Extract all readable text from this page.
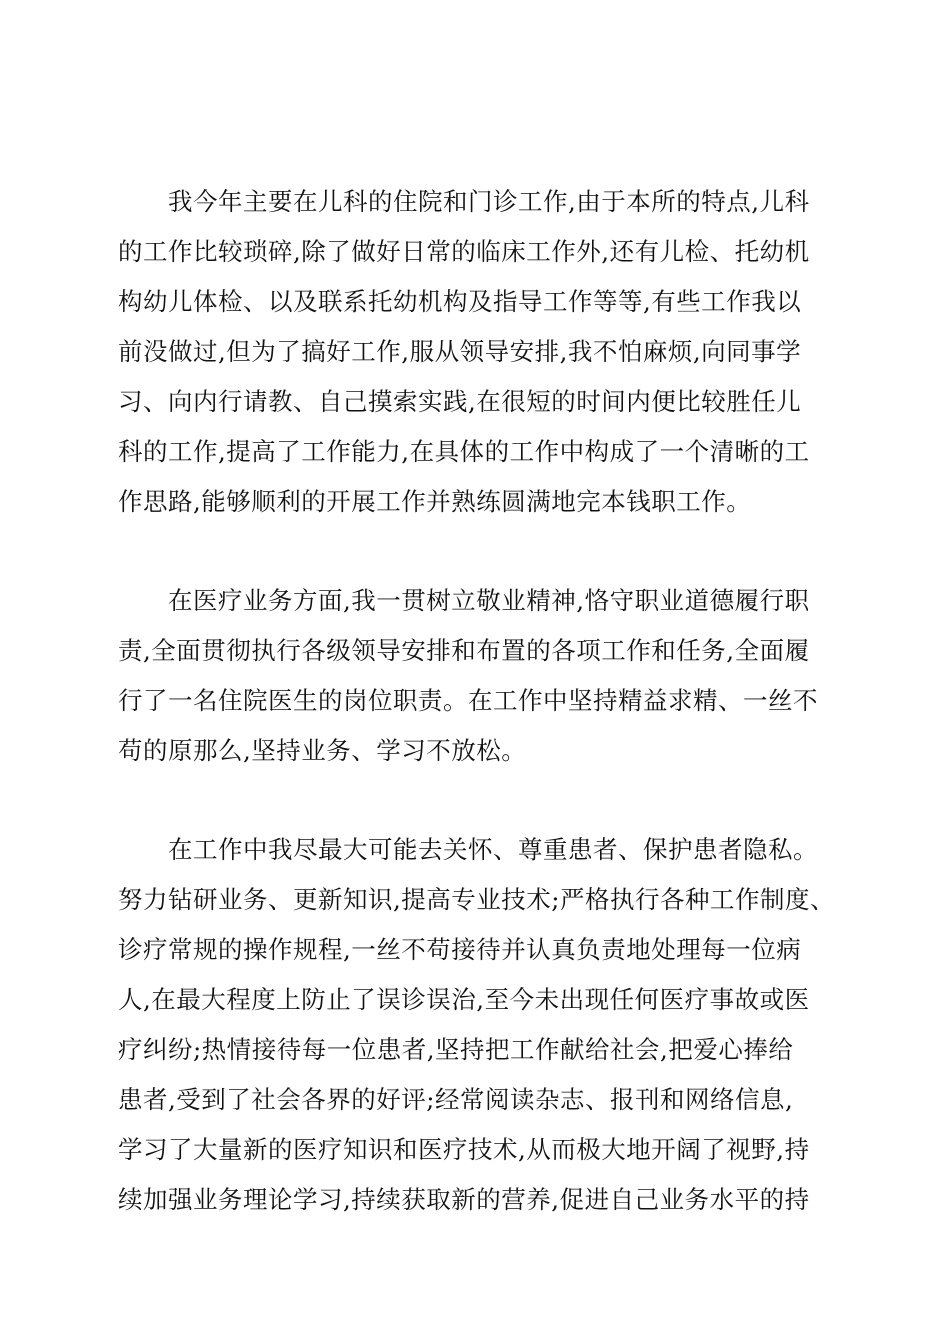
我今年主要在儿科的住院和门诊工作,由于本所的特点,儿科
的工作比较琐碎,除了做好日常的临床工作外,还有儿检、托幼机
构幼儿体检、以及联系托幼机构及指导工作等等,有些工作我以
前没做过,但为了搞好工作,服从领导安排,我不怕麻烦,向同事学
习、向内行请教、自己摸索实践,在很短的时间内便比较胜任儿
科的工作,提高了工作能力,在具体的工作中构成了一个清晰的工
作思路,能够顺利的开展工作并熟练圆满地完本钱职工作。
在医疗业务方面,我一贯树立敬业精神,恪守职业道德履行职
责,全面贯彻执行各级领导安排和布置的各项工作和任务,全面履
行了一名住院医生的岗位职责。在工作中坚持精益求精、一丝不
苟的原那么,坚持业务、学习不放松。
在工作中我尽最大可能去关怀、尊重患者、保护患者隐私。
努力钻研业务、更新知识,提高专业技术;严格执行各种工作制度、
诊疗常规的操作规程,一丝不苟接待并认真负责地处理每一位病
人,在最大程度上防止了误诊误治,至今未出现任何医疗事故或医
疗纠纷;热情接待每一位患者,坚持把工作献给社会,把爱心捧给
患者,受到了社会各界的好评;经常阅读杂志、报刊和网络信息,
学习了大量新的医疗知识和医疗技术,从而极大地开阔了视野,持
续加强业务理论学习,持续获取新的营养,促进自己业务水平的持
